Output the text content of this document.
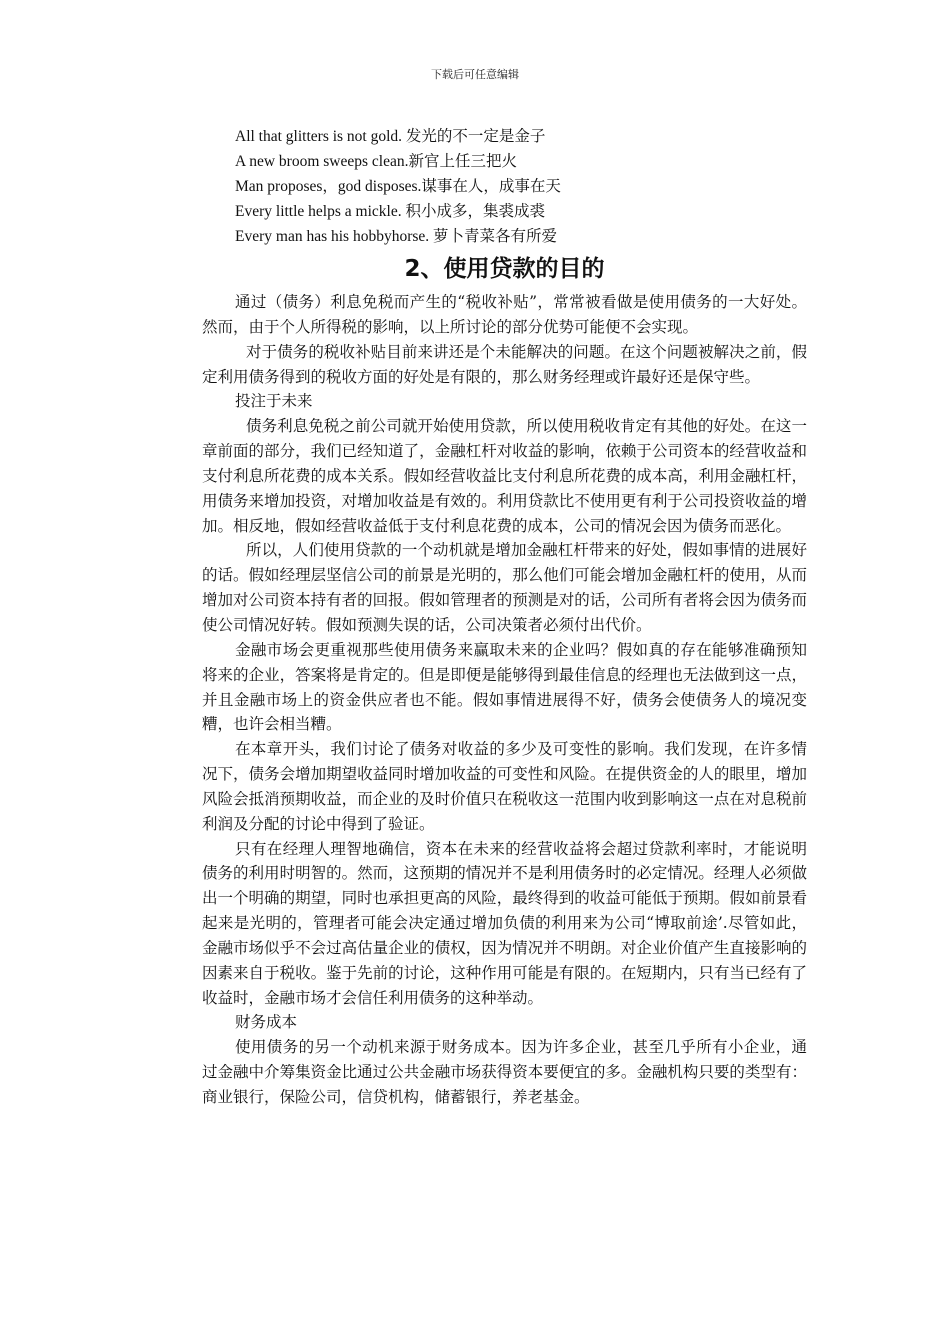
下载后可任意编辑
All that glitters is not gold. 发光的不一定是金子
A new broom sweeps clean.新官上任三把火
Man proposes，god disposes.谋事在人，成事在天
Every little helps a mickle. 积小成多，集裘成裘
Every man has his hobbyhorse. 萝卜青菜各有所爱
2、使用贷款的目的

通过（债务）利息免税而产生的“税收补贴”，常常被看做是使用债务的一大好处。然而，由于个人所得税的影响，以上所讨论的部分优势可能便不会实现。

对于债务的税收补贴目前来讲还是个未能解决的问题。在这个问题被解决之前，假定利用债务得到的税收方面的好处是有限的，那么财务经理或许最好还是保守些。

投注于未来

债务利息免税之前公司就开始使用贷款，所以使用税收肯定有其他的好处。在这一章前面的部分，我们已经知道了，金融杠杆对收益的影响，依赖于公司资本的经营收益和支付利息所花费的成本关系。假如经营收益比支付利息所花费的成本高，利用金融杠杆，用债务来增加投资，对增加收益是有效的。利用贷款比不使用更有利于公司投资收益的增加。相反地，假如经营收益低于支付利息花费的成本，公司的情况会因为债务而恶化。

所以，人们使用贷款的一个动机就是增加金融杠杆带来的好处，假如事情的进展好的话。假如经理层坚信公司的前景是光明的，那么他们可能会增加金融杠杆的使用，从而增加对公司资本持有者的回报。假如管理者的预测是对的话，公司所有者将会因为债务而使公司情况好转。假如预测失误的话，公司决策者必须付出代价。

金融市场会更重视那些使用债务来赢取未来的企业吗？假如真的存在能够准确预知将来的企业，答案将是肯定的。但是即便是能够得到最佳信息的经理也无法做到这一点，并且金融市场上的资金供应者也不能。假如事情进展得不好，债务会使债务人的境况变糟，也许会相当糟。

在本章开头，我们讨论了债务对收益的多少及可变性的影响。我们发现，在许多情况下，债务会增加期望收益同时增加收益的可变性和风险。在提供资金的人的眼里，增加风险会抵消预期收益，而企业的及时价值只在税收这一范围内收到影响这一点在对息税前利润及分配的讨论中得到了验证。

只有在经理人理智地确信，资本在未来的经营收益将会超过贷款利率时，才能说明债务的利用时明智的。然而，这预期的情况并不是利用债务时的必定情况。经理人必须做出一个明确的期望，同时也承担更高的风险，最终得到的收益可能低于预期。假如前景看起来是光明的，管理者可能会决定通过增加负债的利用来为公司“博取前途’.尽管如此，金融市场似乎不会过高估量企业的债权，因为情况并不明朗。对企业价值产生直接影响的因素来自于税收。鉴于先前的讨论，这种作用可能是有限的。在短期内，只有当已经有了收益时，金融市场才会信任利用债务的这种举动。

财务成本

使用债务的另一个动机来源于财务成本。因为许多企业，甚至几乎所有小企业，通过金融中介筹集资金比通过公共金融市场获得资本要便宜的多。金融机构只要的类型有：商业银行，保险公司，信贷机构，储蓄银行，养老基金。
